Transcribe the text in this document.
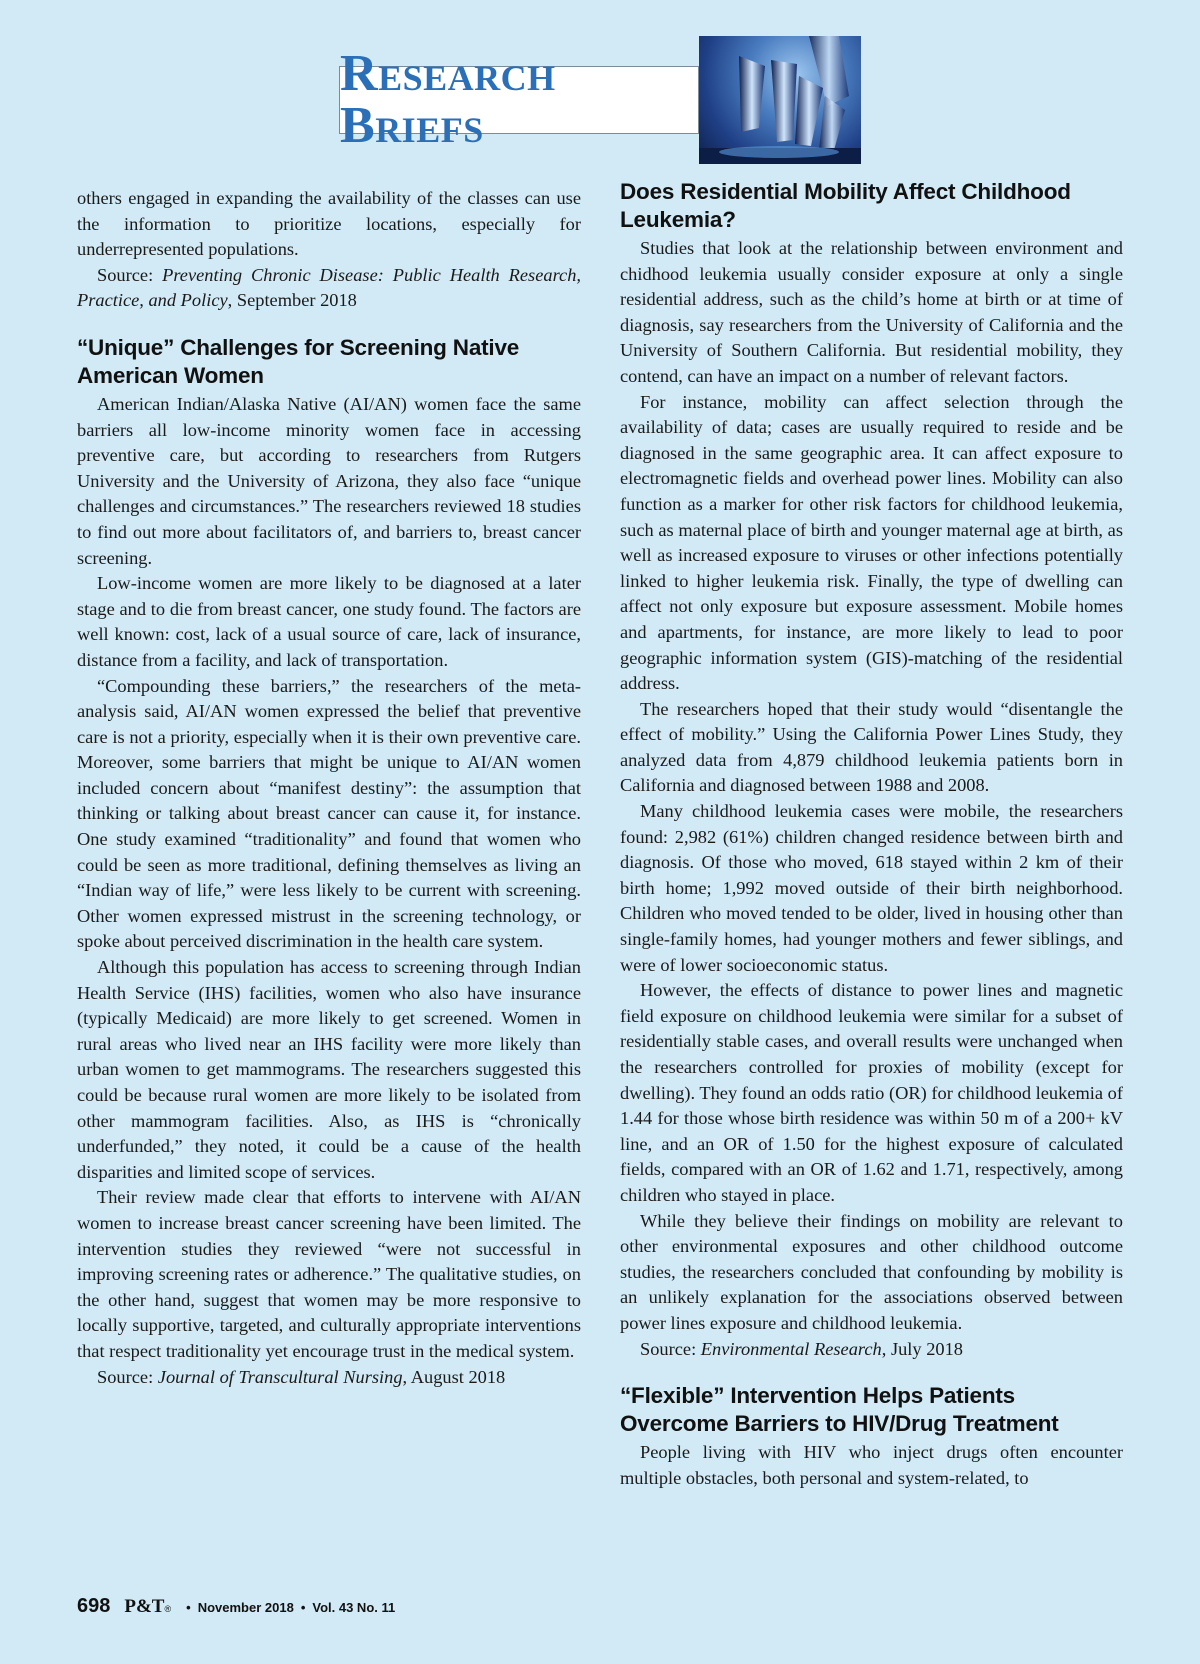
RESEARCH BRIEFS

others engaged in expanding the availability of the classes can use the information to prioritize locations, especially for underrepresented populations.

Source: Preventing Chronic Disease: Public Health Research, Practice, and Policy, September 2018

“Unique” Challenges for Screening Native American Women

American Indian/Alaska Native (AI/AN) women face the same barriers all low-income minority women face in accessing preventive care, but according to researchers from Rutgers University and the University of Arizona, they also face “unique challenges and circumstances.” The researchers reviewed 18 studies to find out more about facilitators of, and barriers to, breast cancer screening.

Low-income women are more likely to be diagnosed at a later stage and to die from breast cancer, one study found. The factors are well known: cost, lack of a usual source of care, lack of insurance, distance from a facility, and lack of transportation.

“Compounding these barriers,” the researchers of the meta-analysis said, AI/AN women expressed the belief that preventive care is not a priority, especially when it is their own preventive care. Moreover, some barriers that might be unique to AI/AN women included concern about “manifest destiny”: the assumption that thinking or talking about breast cancer can cause it, for instance. One study examined “traditionality” and found that women who could be seen as more traditional, defining themselves as living an “Indian way of life,” were less likely to be current with screening. Other women expressed mistrust in the screening technology, or spoke about perceived discrimination in the health care system.

Although this population has access to screening through Indian Health Service (IHS) facilities, women who also have insurance (typically Medicaid) are more likely to get screened. Women in rural areas who lived near an IHS facility were more likely than urban women to get mammograms. The researchers suggested this could be because rural women are more likely to be isolated from other mammogram facilities. Also, as IHS is “chronically underfunded,” they noted, it could be a cause of the health disparities and limited scope of services.

Their review made clear that efforts to intervene with AI/AN women to increase breast cancer screening have been limited. The intervention studies they reviewed “were not successful in improving screening rates or adherence.” The qualitative studies, on the other hand, suggest that women may be more responsive to locally supportive, targeted, and culturally appropriate interventions that respect traditionality yet encourage trust in the medical system.

Source: Journal of Transcultural Nursing, August 2018

Does Residential Mobility Affect Childhood Leukemia?

Studies that look at the relationship between environment and chidhood leukemia usually consider exposure at only a single residential address, such as the child’s home at birth or at time of diagnosis, say researchers from the University of California and the University of Southern California. But residential mobility, they contend, can have an impact on a number of relevant factors.

For instance, mobility can affect selection through the availability of data; cases are usually required to reside and be diagnosed in the same geographic area. It can affect exposure to electromagnetic fields and overhead power lines. Mobility can also function as a marker for other risk factors for childhood leukemia, such as maternal place of birth and younger maternal age at birth, as well as increased exposure to viruses or other infections potentially linked to higher leukemia risk. Finally, the type of dwelling can affect not only exposure but exposure assessment. Mobile homes and apartments, for instance, are more likely to lead to poor geographic information system (GIS)-matching of the residential address.

The researchers hoped that their study would “disentangle the effect of mobility.” Using the California Power Lines Study, they analyzed data from 4,879 childhood leukemia patients born in California and diagnosed between 1988 and 2008.

Many childhood leukemia cases were mobile, the researchers found: 2,982 (61%) children changed residence between birth and diagnosis. Of those who moved, 618 stayed within 2 km of their birth home; 1,992 moved outside of their birth neighborhood. Children who moved tended to be older, lived in housing other than single-family homes, had younger mothers and fewer siblings, and were of lower socioeconomic status.

However, the effects of distance to power lines and magnetic field exposure on childhood leukemia were similar for a subset of residentially stable cases, and overall results were unchanged when the researchers controlled for proxies of mobility (except for dwelling). They found an odds ratio (OR) for childhood leukemia of 1.44 for those whose birth residence was within 50 m of a 200+ kV line, and an OR of 1.50 for the highest exposure of calculated fields, compared with an OR of 1.62 and 1.71, respectively, among children who stayed in place.

While they believe their findings on mobility are relevant to other environmental exposures and other childhood outcome studies, the researchers concluded that confounding by mobility is an unlikely explanation for the associations observed between power lines exposure and childhood leukemia.

Source: Environmental Research, July 2018

“Flexible” Intervention Helps Patients Overcome Barriers to HIV/Drug Treatment

People living with HIV who inject drugs often encounter multiple obstacles, both personal and system-related, to

698 P&T ® • November 2018 • Vol. 43 No. 11
